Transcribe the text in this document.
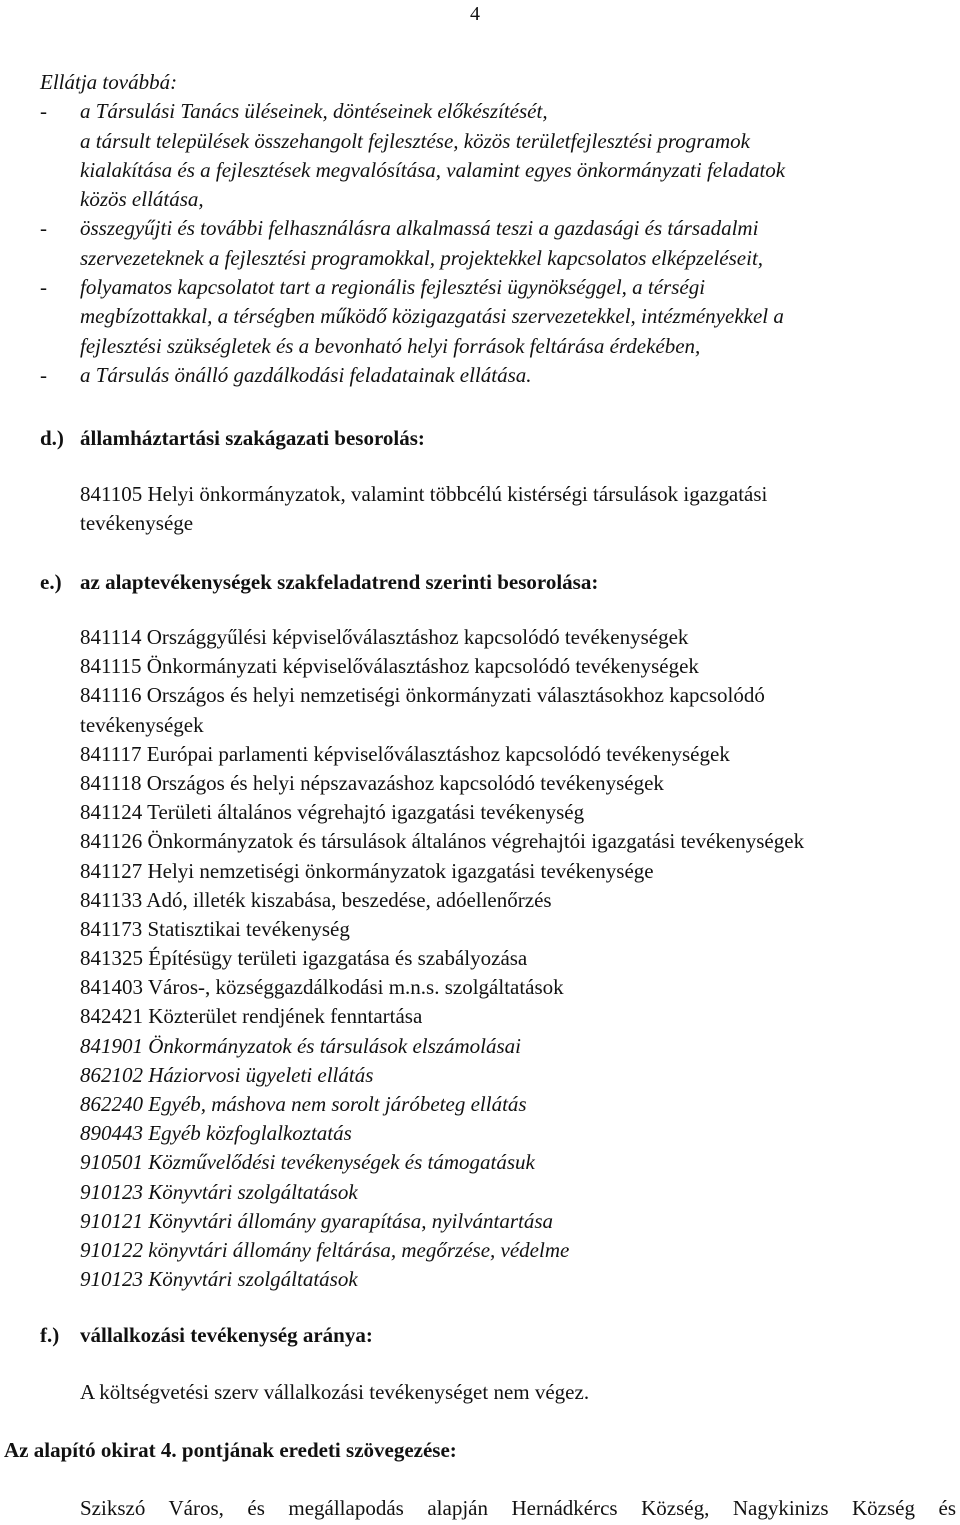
4
Ellátja továbbá:
-	a Társulási Tanács üléseinek, döntéseinek előkészítését,
a társult települések összehangolt fejlesztése, közös területfejlesztési programok
kialakítása és a fejlesztések megvalósítása, valamint egyes önkormányzati feladatok
közös ellátása,
-	összegyűjti és további felhasználásra alkalmassá teszi a gazdasági és társadalmi
szervezeteknek a fejlesztési programokkal, projektekkel kapcsolatos elképzeléseit,
-	folyamatos kapcsolatot tart a regionális fejlesztési ügynökséggel, a térségi
megbízottakkal, a térségben működő közigazgatási szervezetekkel, intézményekkel a
fejlesztési szükségletek és a bevonható helyi források feltárása érdekében,
-	a Társulás önálló gazdálkodási feladatainak ellátása.
d.) államháztartási szakágazati besorolás:
841105 Helyi önkormányzatok, valamint többcélú kistérségi társulások igazgatási
tevékenysége
e.) az alaptevékenységek szakfeladatrend szerinti besorolása:
841114 Országgyűlési képviselőválasztáshoz kapcsolódó tevékenységek
841115 Önkormányzati képviselőválasztáshoz kapcsolódó tevékenységek
841116 Országos és helyi nemzetiségi önkormányzati választásokhoz kapcsolódó
tevékenységek
841117 Európai parlamenti képviselőválasztáshoz kapcsolódó tevékenységek
841118 Országos és helyi népszavazáshoz kapcsolódó tevékenységek
841124 Területi általános végrehajtó igazgatási tevékenység
841126 Önkormányzatok és társulások általános végrehajtói igazgatási tevékenységek
841127 Helyi nemzetiségi önkormányzatok igazgatási tevékenysége
841133 Adó, illeték kiszabása, beszedése, adóellenőrzés
841173 Statisztikai tevékenység
841325 Építésügy területi igazgatása és szabályozása
841403 Város-, községgazdálkodási m.n.s. szolgáltatások
842421 Közterület rendjének fenntartása
841901 Önkormányzatok és társulások elszámolásai
862102 Háziorvosi ügyeleti ellátás
862240 Egyéb, máshova nem sorolt járóbeteg ellátás
890443 Egyéb közfoglalkoztatás
910501 Közművelődési tevékenységek és támogatásuk
910123 Könyvtári szolgáltatások
910121 Könyvtári állomány gyarapítása, nyilvántartása
910122 könyvtári állomány feltárása, megőrzése, védelme
910123 Könyvtári szolgáltatások
f.) vállalkozási tevékenység aránya:
A költségvetési szerv vállalkozási tevékenységet nem végez.
Az alapító okirat 4. pontjának eredeti szövegezése:
Szikszó Város, és megállapodás alapján Hernádkércs Község, Nagykinizs Község és
